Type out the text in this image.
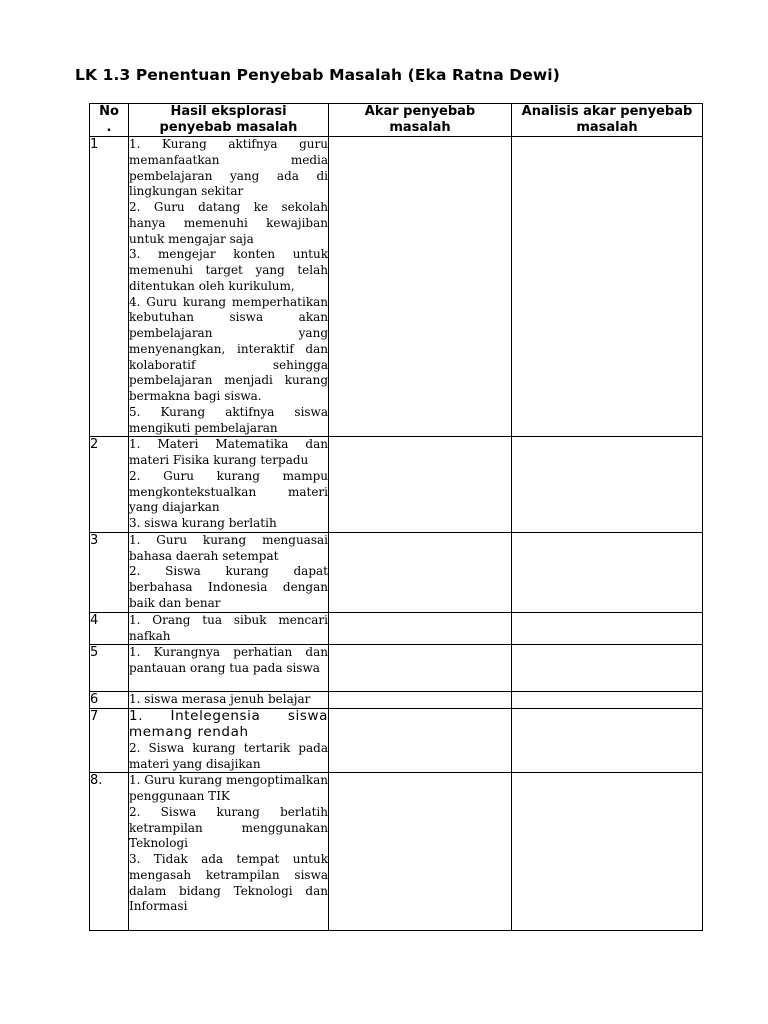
LK 1.3 Penentuan Penyebab Masalah (Eka Ratna Dewi)
No
.	Hasil eksplorasi penyebab masalah	Akar penyebab masalah	Analisis akar penyebab masalah
1	1. Kurang aktifnya guru memanfaatkan media pembelajaran yang ada di lingkungan sekitar
2. Guru datang ke sekolah hanya memenuhi kewajiban untuk mengajar saja
3. mengejar konten untuk memenuhi target yang telah ditentukan oleh kurikulum,
4. Guru kurang memperhatikan kebutuhan siswa akan pembelajaran yang menyenangkan, interaktif dan kolaboratif sehingga pembelajaran menjadi kurang bermakna bagi siswa.
5. Kurang aktifnya siswa mengikuti pembelajaran		

2	1. Materi Matematika dan materi Fisika kurang terpadu
2. Guru kurang mampu mengkontekstualkan materi yang diajarkan
3. siswa kurang berlatih		

3	1. Guru kurang menguasai bahasa daerah setempat
2. Siswa kurang dapat berbahasa Indonesia dengan baik dan benar		

4	1. Orang tua sibuk mencari nafkah		

5	1. Kurangnya perhatian dan pantauan orang tua pada siswa		

6	1. siswa merasa jenuh belajar		

7	1. Intelegensia siswa memang rendah
2. Siswa kurang tertarik pada materi yang disajikan		

8.	1. Guru kurang mengoptimalkan penggunaan TIK
2. Siswa kurang berlatih ketrampilan menggunakan Teknologi
3. Tidak ada tempat untuk mengasah ketrampilan siswa dalam bidang Teknologi dan Informasi		
